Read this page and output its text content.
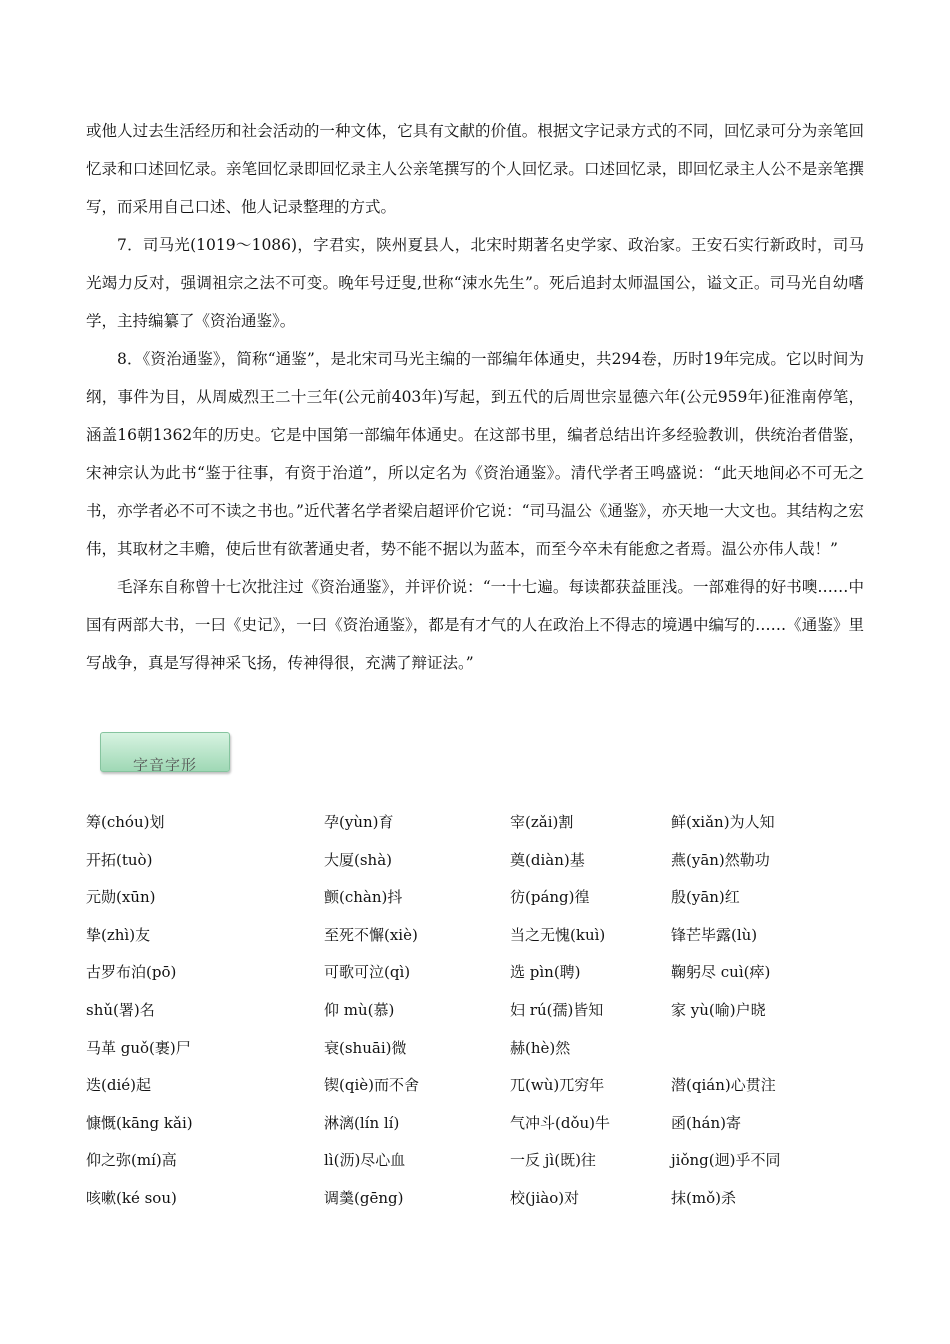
或他人过去生活经历和社会活动的一种文体，它具有文献的价值。根据文字记录方式的不同，回忆录可分为亲笔回忆录和口述回忆录。亲笔回忆录即回忆录主人公亲笔撰写的个人回忆录。口述回忆录，即回忆录主人公不是亲笔撰写，而采用自己口述、他人记录整理的方式。

7．司马光(1019～1086)，字君实，陕州夏县人，北宋时期著名史学家、政治家。王安石实行新政时，司马光竭力反对，强调祖宗之法不可变。晚年号迂叟,世称“涑水先生”。死后追封太师温国公，谥文正。司马光自幼嗜学，主持编纂了《资治通鉴》。

8．《资治通鉴》，简称“通鉴”，是北宋司马光主编的一部编年体通史，共294卷，历时19年完成。它以时间为纲，事件为目，从周威烈王二十三年(公元前403年)写起，到五代的后周世宗显德六年(公元959年)征淮南停笔，涵盖16朝1362年的历史。它是中国第一部编年体通史。在这部书里，编者总结出许多经验教训，供统治者借鉴，宋神宗认为此书“鉴于往事，有资于治道”，所以定名为《资治通鉴》。清代学者王鸣盛说：“此天地间必不可无之书，亦学者必不可不读之书也。”近代著名学者梁启超评价它说：“司马温公《通鉴》，亦天地一大文也。其结构之宏伟，其取材之丰赡，使后世有欲著通史者，势不能不据以为蓝本，而至今卒未有能愈之者焉。温公亦伟人哉！”

毛泽东自称曾十七次批注过《资治通鉴》，并评价说：“一十七遍。每读都获益匪浅。一部难得的好书噢……中国有两部大书，一曰《史记》，一曰《资治通鉴》，都是有才气的人在政治上不得志的境遇中编写的……《通鉴》里写战争，真是写得神采飞扬，传神得很，充满了辩证法。”

字音字形
筹(chóu)划	孕(yùn)育	宰(zǎi)割	鲜(xiǎn)为人知
开拓(tuò)	大厦(shà)	奠(diàn)基	燕(yān)然勒功
元勋(xūn)	颤(chàn)抖	彷(páng)徨	殷(yān)红
挚(zhì)友	至死不懈(xiè)	当之无愧(kuì)	锋芒毕露(lù)
古罗布泊(pō)	可歌可泣(qì)	选 pìn(聘)	鞠躬尽 cuì(瘁)
shǔ(署)名	仰 mù(慕)	妇 rú(孺)皆知	家 yù(喻)户晓
马革 guǒ(裹)尸	衰(shuāi)微	赫(hè)然
迭(dié)起	锲(qiè)而不舍	兀(wù)兀穷年	潜(qián)心贯注
慷慨(kāng kǎi)	淋漓(lín lí)	气冲斗(dǒu)牛	函(hán)寄
仰之弥(mí)高	lì(沥)尽心血	一反 jì(既)往	jiǒng(迥)乎不同
咳嗽(ké sou)	调羹(gēng)	校(jiào)对	抹(mǒ)杀
